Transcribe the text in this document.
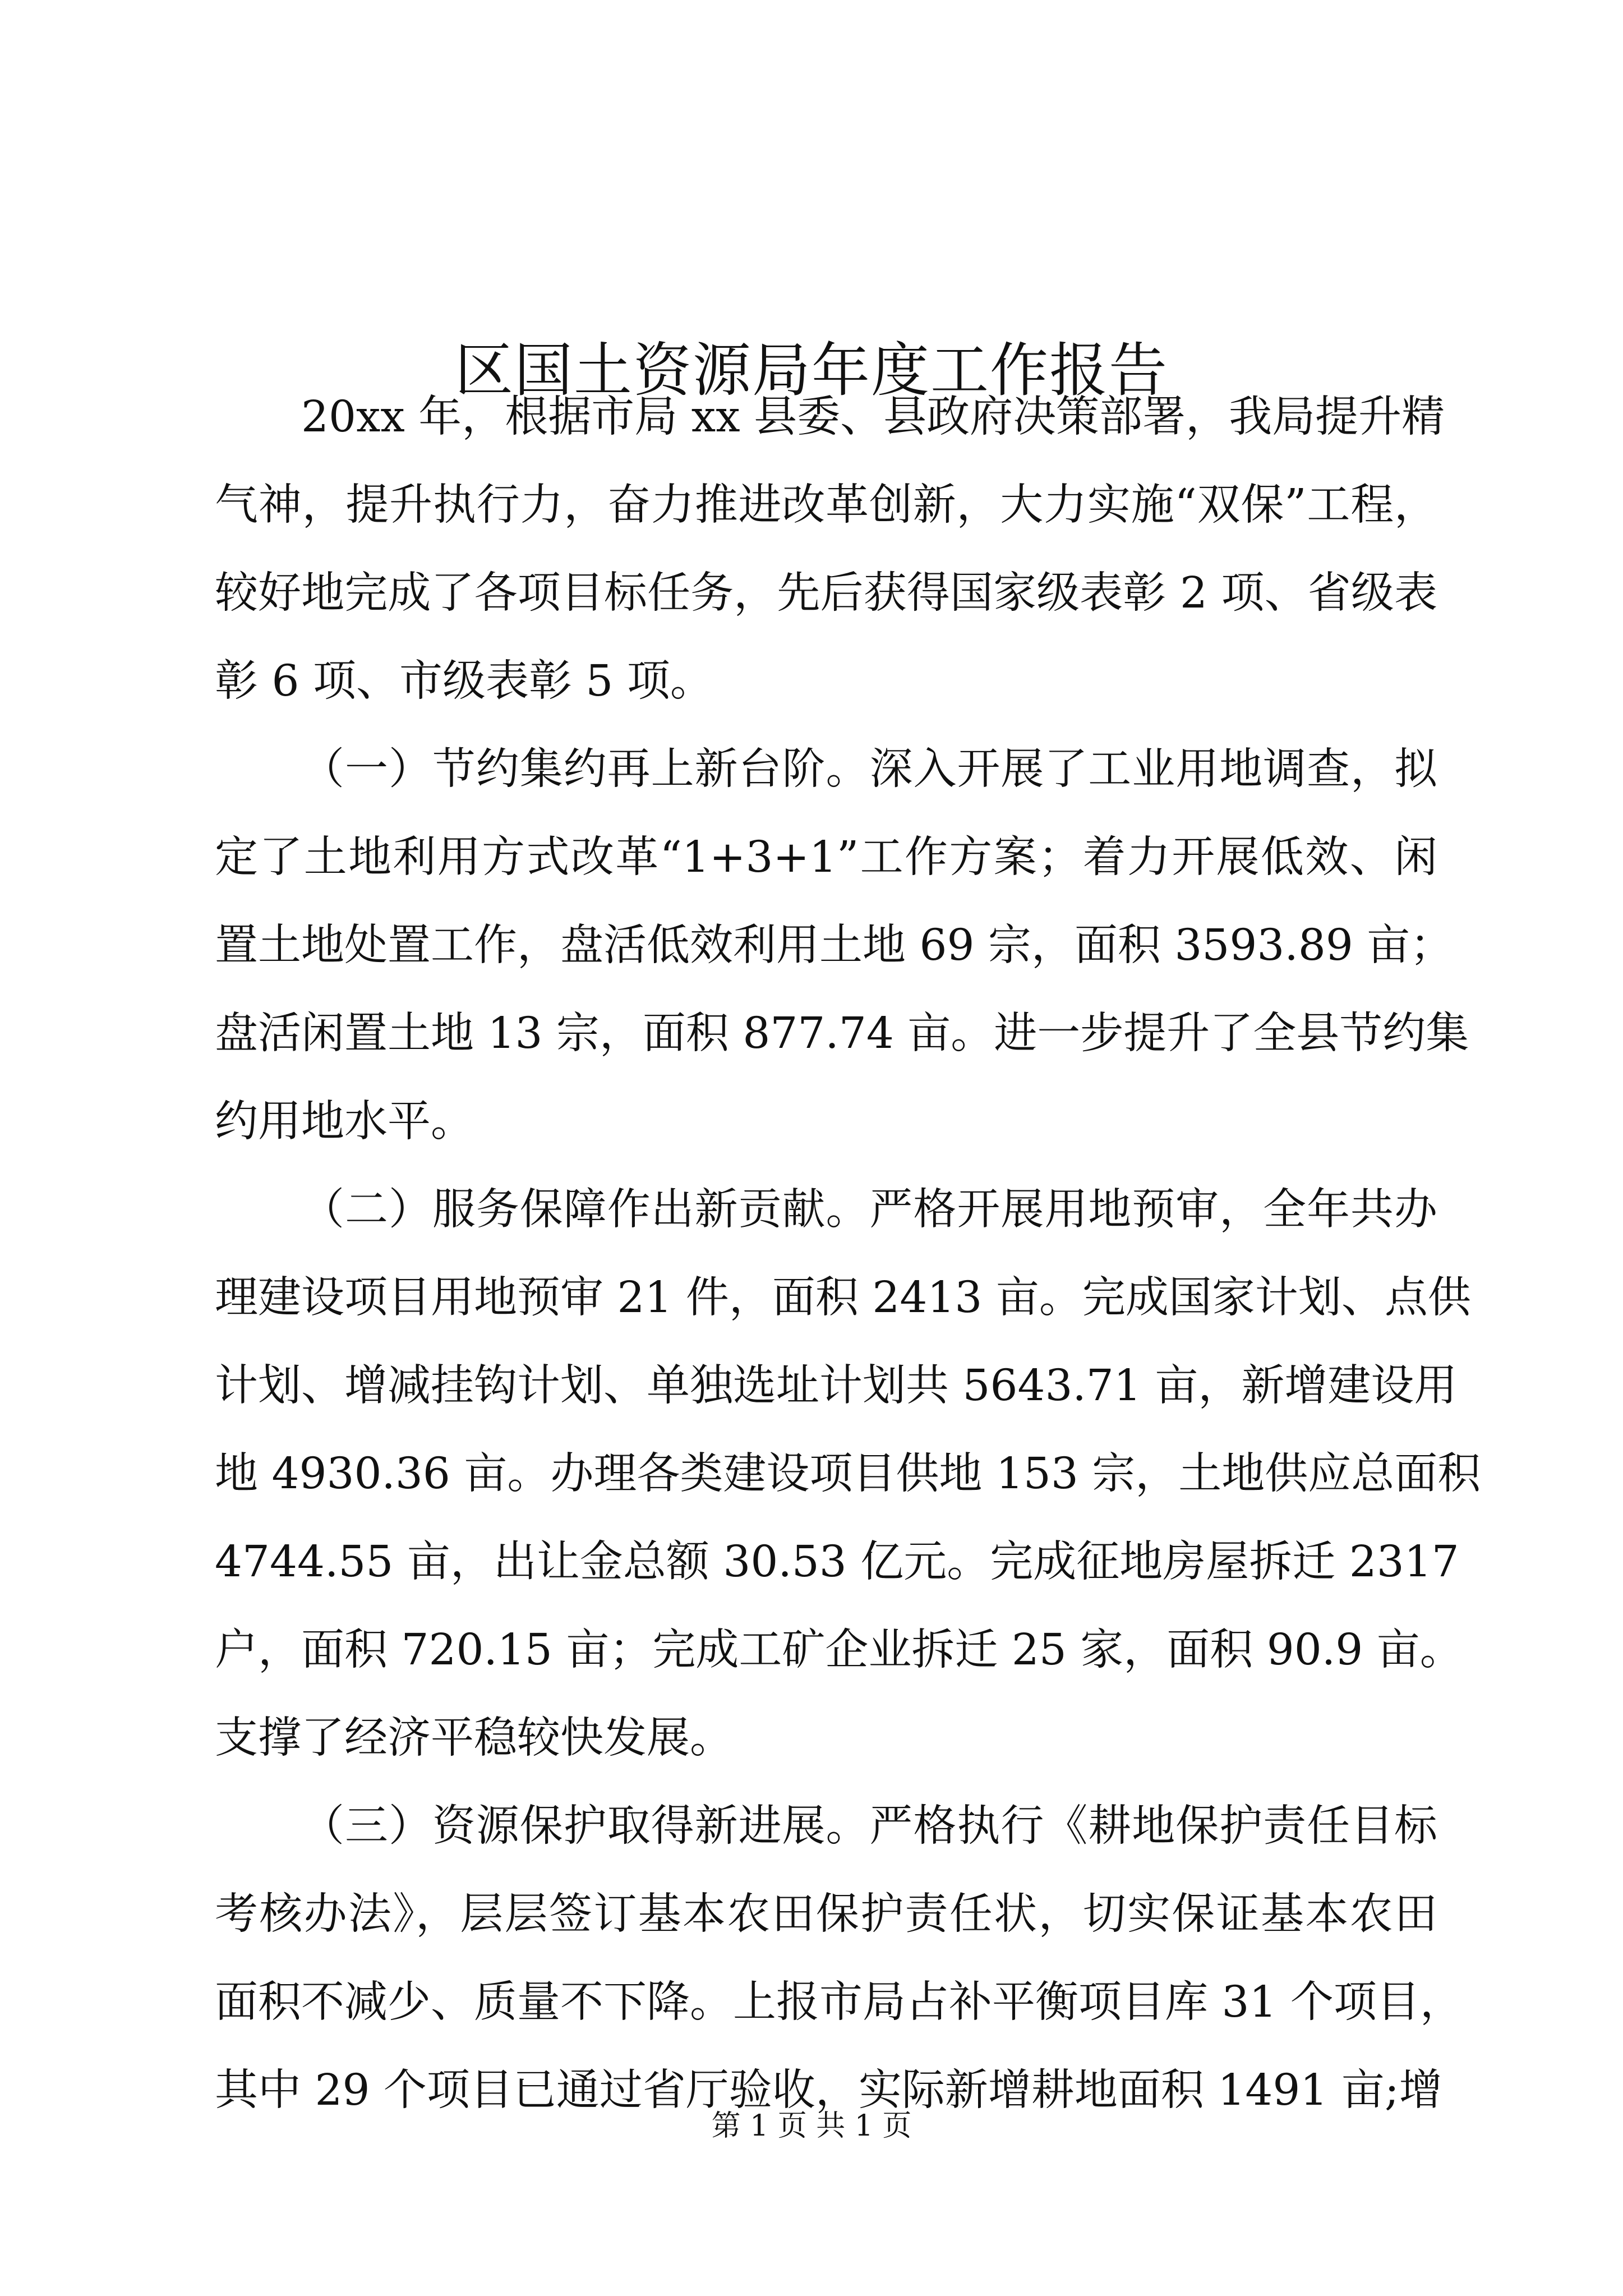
区国土资源局年度工作报告
20xx 年，根据市局 xx 县委、县政府决策部署，我局提升精
气神，提升执行力，奋力推进改革创新，大力实施“双保”工程，
较好地完成了各项目标任务，先后获得国家级表彰 2 项、省级表
彰 6 项、市级表彰 5 项。
（一）节约集约再上新台阶。深入开展了工业用地调查，拟
定了土地利用方式改革“1+3+1”工作方案；着力开展低效、闲
置土地处置工作，盘活低效利用土地 69 宗，面积 3593.89 亩；
盘活闲置土地 13 宗，面积 877.74 亩。进一步提升了全县节约集
约用地水平。
（二）服务保障作出新贡献。严格开展用地预审，全年共办
理建设项目用地预审 21 件，面积 2413 亩。完成国家计划、点供
计划、增减挂钩计划、单独选址计划共 5643.71 亩，新增建设用
地 4930.36 亩。办理各类建设项目供地 153 宗，土地供应总面积
4744.55 亩，出让金总额 30.53 亿元。完成征地房屋拆迁 2317
户，面积 720.15 亩；完成工矿企业拆迁 25 家，面积 90.9 亩。
支撑了经济平稳较快发展。
（三）资源保护取得新进展。严格执行《耕地保护责任目标
考核办法》，层层签订基本农田保护责任状，切实保证基本农田
面积不减少、质量不下降。上报市局占补平衡项目库 31 个项目，
其中 29 个项目已通过省厅验收，实际新增耕地面积 1491 亩;增
第 1 页 共 1 页
